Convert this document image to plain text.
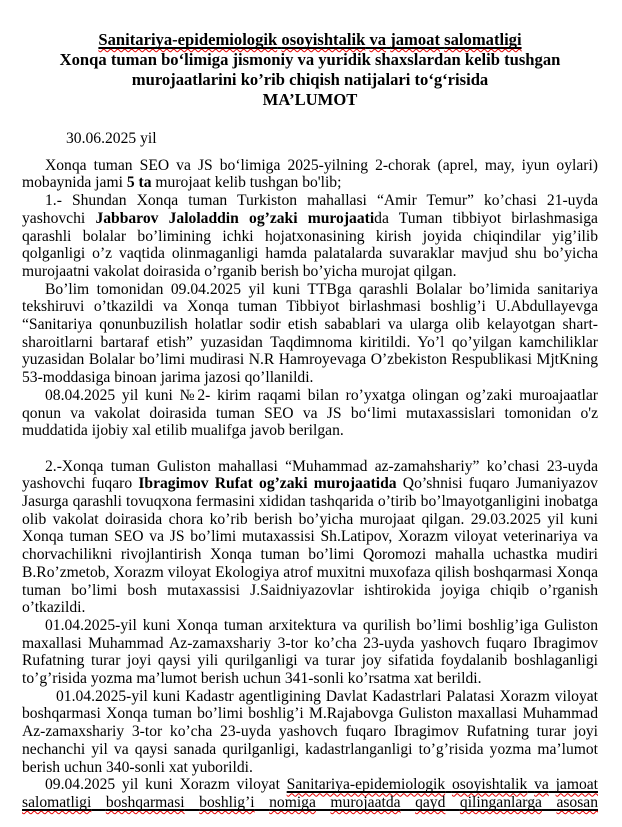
Sanitariya-epidemiologik osoyishtalik va jamoat salomatligi
Xonqa tuman bo‘limiga jismoniy va yuridik shaxslardan kelib tushgan
murojaatlarini ko’rib chiqish natijalari to‘g‘risida
MA’LUMOT

30.06.2025 yil

Xonqa tuman SEO va JS bo‘limiga 2025-yilning 2-chorak (aprel, may, iyun oylari) mobaynida jami 5 ta murojaat kelib tushgan bo'lib;

1.- Shundan Xonqa tuman Turkiston mahallasi “Amir Temur” ko’chasi 21-uyda yashovchi Jabbarov Jaloladdin og’zaki murojaatida Tuman tibbiyot birlashmasiga qarashli bolalar bo’limining ichki hojatxonasining kirish joyida chiqindilar yig’ilib qolganligi o’z vaqtida olinmaganligi hamda palatalarda suvaraklar mavjud shu bo’yicha murojaatni vakolat doirasida o’rganib berish bo’yicha murojat qilgan.

Bo’lim tomonidan 09.04.2025 yil kuni TTBga qarashli Bolalar bo’limida sanitariya tekshiruvi o’tkazildi va Xonqa tuman Tibbiyot birlashmasi boshlig’i U.Abdullayevga “Sanitariya qonunbuzilish holatlar sodir etish sabablari va ularga olib kelayotgan shart-sharoitlarni bartaraf etish” yuzasidan Taqdimnoma kiritildi. Yo’l qo’yilgan kamchiliklar yuzasidan Bolalar bo’limi mudirasi N.R Hamroyevaga O’zbekiston Respublikasi MjtKning 53-moddasiga binoan jarima jazosi qo’llanildi.

08.04.2025 yil kuni №2- kirim raqami bilan ro’yxatga olingan og’zaki muroajaatlar qonun va vakolat doirasida tuman SEO va JS bo‘limi mutaxassislari tomonidan o'z muddatida ijobiy xal etilib mualifga javob berilgan.

2.-Xonqa tuman Guliston mahallasi “Muhammad az-zamahshariy” ko’chasi 23-uyda yashovchi fuqaro Ibragimov Rufat og’zaki murojaatida Qo’shnisi fuqaro Jumaniyazov Jasurga qarashli tovuqxona fermasini xididan tashqarida o’tirib bo’lmayotganligini inobatga olib vakolat doirasida chora ko’rib berish bo’yicha murojaat qilgan. 29.03.2025 yil kuni Xonqa tuman SEO va JS bo’limi mutaxassisi Sh.Latipov, Xorazm viloyat veterinariya va chorvachilikni rivojlantirish Xonqa tuman bo’limi Qoromozi mahalla uchastka mudiri B.Ro’zmetob, Xorazm viloyat Ekologiya atrof muxitni muxofaza qilish boshqarmasi Xonqa tuman bo’limi bosh mutaxassisi J.Saidniyazovlar ishtirokida joyiga chiqib o’rganish o’tkazildi.

01.04.2025-yil kuni Xonqa tuman arxitektura va qurilish bo’limi boshlig’iga Guliston maxallasi Muhammad Az-zamaxshariy 3-tor ko’cha 23-uyda yashovch fuqaro Ibragimov Rufatning turar joyi qaysi yili qurilganligi va turar joy sifatida foydalanib boshlaganligi to’g’risida yozma ma’lumot berish uchun 341-sonli ko’rsatma xat berildi.

01.04.2025-yil kuni Kadastr agentligining Davlat Kadastrlari Palatasi Xorazm viloyat boshqarmasi Xonqa tuman bo’limi boshlig’i M.Rajabovga Guliston maxallasi Muhammad Az-zamaxshariy 3-tor ko’cha 23-uyda yashovch fuqaro Ibragimov Rufatning turar joyi nechanchi yil va qaysi sanada qurilganligi, kadastrlanganligi to’g’risida yozma ma’lumot berish uchun 340-sonli xat yuborildi.

09.04.2025 yil kuni Xorazm viloyat Sanitariya-epidemiologik osoyishtalik va jamoat salomatligi boshqarmasi boshlig’i nomiga murojaatda qayd qilinganlarga asosan
